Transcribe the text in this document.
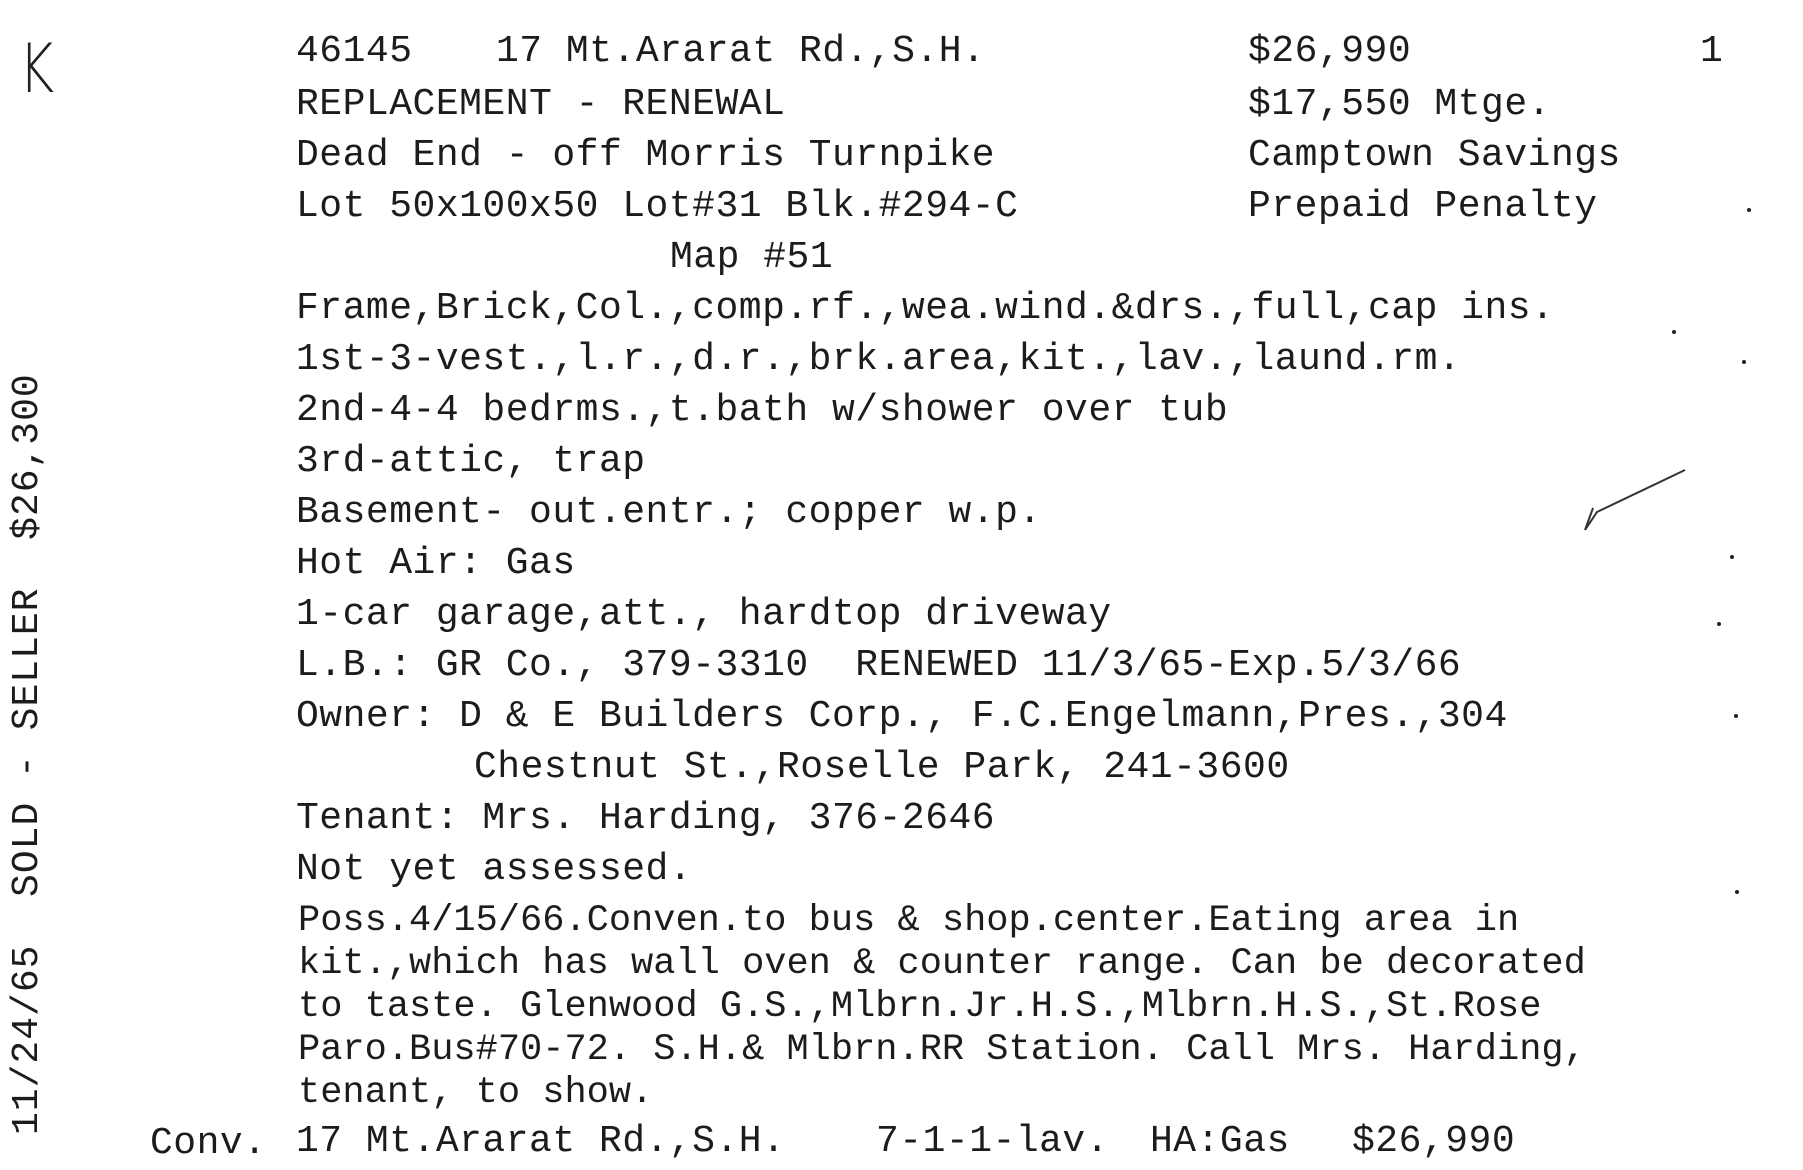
K	1
11/24/65  SOLD - SELLER  $26,300
46145 17 Mt.Ararat Rd.,S.H.
REPLACEMENT - RENEWAL
Dead End - off Morris Turnpike
Lot 50x100x50 Lot#31 Blk.#294-C
Map #51
$26,990
$17,550 Mtge.
Camptown Savings
Prepaid Penalty
Frame,Brick,Col.,comp.rf.,wea.wind.&drs.,full,cap ins.
1st-3-vest.,l.r.,d.r.,brk.area,kit.,lav.,laund.rm.
2nd-4-4 bedrms.,t.bath w/shower over tub
3rd-attic, trap
Basement- out.entr.; copper w.p.
Hot Air: Gas
1-car garage,att., hardtop driveway
L.B.: GR Co., 379-3310  RENEWED 11/3/65-Exp.5/3/66
Owner: D & E Builders Corp., F.C.Engelmann,Pres.,304
Chestnut St.,Roselle Park, 241-3600
Tenant: Mrs. Harding, 376-2646
Not yet assessed.
Poss.4/15/66.Conven.to bus & shop.center.Eating area in
kit.,which has wall oven & counter range. Can be decorated
to taste. Glenwood G.S.,Mlbrn.Jr.H.S.,Mlbrn.H.S.,St.Rose
Paro.Bus#70-72. S.H.& Mlbrn.RR Station. Call Mrs. Harding,
tenant, to show.
Conv. 17 Mt.Ararat Rd.,S.H. 7-1-1-lav. HA:Gas $26,990
